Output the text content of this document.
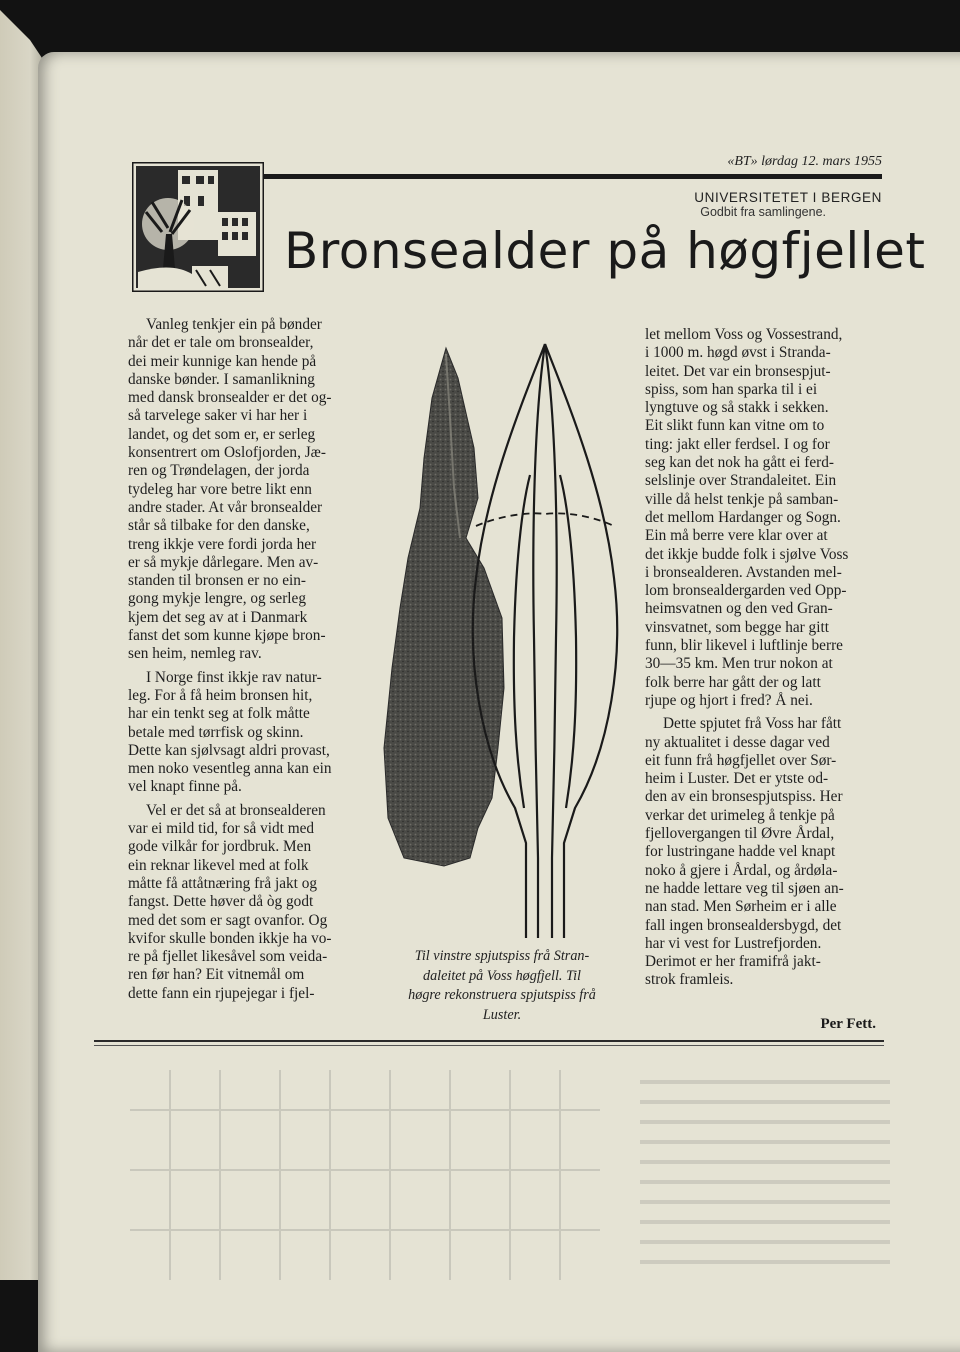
«BT» lørdag 12. mars 1955
UNIVERSITETET I BERGEN
Godbit fra samlingene.
Bronsealder på høgfjellet

Vanleg tenkjer ein på bønder
når det er tale om bronsealder,
dei meir kunnige kan hende på
danske bønder. I samanlikning
med dansk bronsealder er det og-
så tarvelege saker vi har her i
landet, og det som er, er serleg
konsentrert om Oslofjorden, Jæ-
ren og Trøndelagen, der jorda
tydeleg har vore betre likt enn
andre stader. At vår bronsealder
står så tilbake for den danske,
treng ikkje vere fordi jorda her
er så mykje dårlegare. Men av-
standen til bronsen er no ein-
gong mykje lengre, og serleg
kjem det seg av at i Danmark
fanst det som kunne kjøpe bron-
sen heim, nemleg rav.

I Norge finst ikkje rav natur-
leg. For å få heim bronsen hit,
har ein tenkt seg at folk måtte
betale med tørrfisk og skinn.
Dette kan sjølvsagt aldri provast,
men noko vesentleg anna kan ein
vel knapt finne på.

Vel er det så at bronsealderen
var ei mild tid, for så vidt med
gode vilkår for jordbruk. Men
ein reknar likevel med at folk
måtte få attåtnæring frå jakt og
fangst. Dette høver då òg godt
med det som er sagt ovanfor. Og
kvifor skulle bonden ikkje ha vo-
re på fjellet likesåvel som veida-
ren før han? Eit vitnemål om
dette fann ein rjupejegar i fjel-

Til vinstre spjutspiss frå Stran-
daleitet på Voss høgfjell. Til
høgre rekonstruera spjutspiss frå
Luster.

let mellom Voss og Vossestrand,
i 1000 m. høgd øvst i Stranda-
leitet. Det var ein bronsespjut-
spiss, som han sparka til i ei
lyngtuve og så stakk i sekken.
Eit slikt funn kan vitne om to
ting: jakt eller ferdsel. I og for
seg kan det nok ha gått ei ferd-
selslinje over Strandaleitet. Ein
ville då helst tenkje på samban-
det mellom Hardanger og Sogn.
Ein må berre vere klar over at
det ikkje budde folk i sjølve Voss
i bronsealderen. Avstanden mel-
lom bronsealdergarden ved Opp-
heimsvatnen og den ved Gran-
vinsvatnet, som begge har gitt
funn, blir likevel i luftlinje berre
30—35 km. Men trur nokon at
folk berre har gått der og latt
rjupe og hjort i fred? Å nei.

Dette spjutet frå Voss har fått
ny aktualitet i desse dagar ved
eit funn frå høgfjellet over Sør-
heim i Luster. Det er ytste od-
den av ein bronsespjutspiss. Her
verkar det urimeleg å tenkje på
fjellovergangen til Øvre Årdal,
for lustringane hadde vel knapt
noko å gjere i Årdal, og årdøla-
ne hadde lettare veg til sjøen an-
nan stad. Men Sørheim er i alle
fall ingen bronsealdersbygd, det
har vi vest for Lustrefjorden.
Derimot er her framifrå jakt-
strok framleis.

Per Fett.
